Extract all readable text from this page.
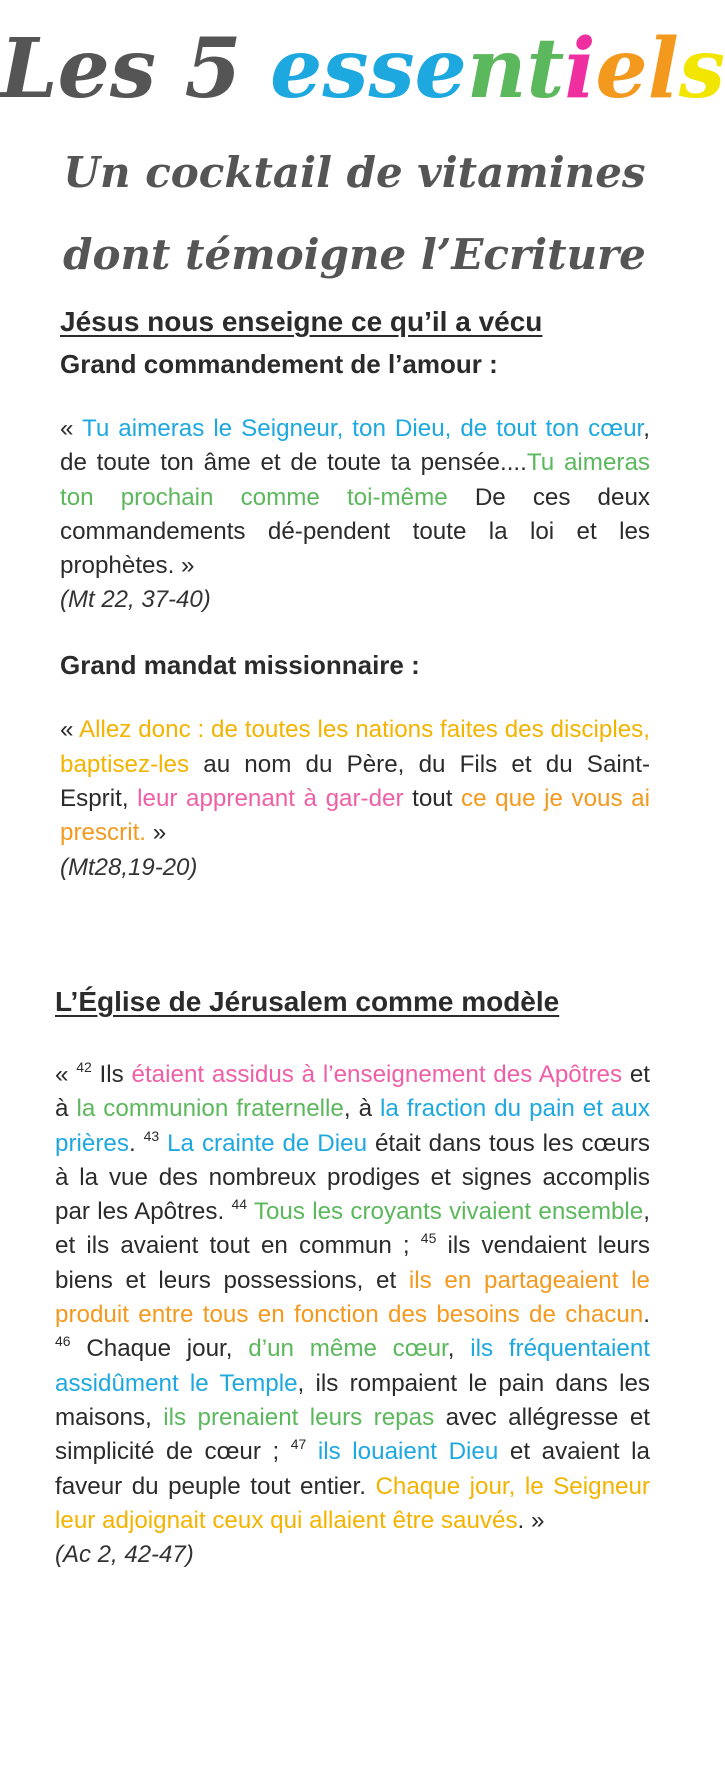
Les 5 essentiels
Un cocktail de vitamines
dont témoigne l’Ecriture
Jésus nous enseigne ce qu’il a vécu
Grand commandement de l’amour :
« Tu aimeras le Seigneur, ton Dieu, de tout ton cœur, de toute ton âme et de toute ta pensée....Tu aimeras ton prochain comme toi-même De ces deux commandements dé-​pendent toute la loi et les prophètes. »
(Mt 22, 37-40)
Grand mandat missionnaire :
« Allez donc : de toutes les nations faites des disciples, baptisez-les au nom du Père, du Fils et du Saint-Esprit, leur apprenant à gar-​der tout ce que je vous ai prescrit. »
(Mt28,19-20)
L’Église de Jérusalem comme modèle
« $^{42}$ Ils étaient assidus à l’enseignement des Apôtres et à la communion fraternelle, à la fraction du pain et aux prières. $^{43}$ La crainte de Dieu était dans tous les cœurs à la vue des nombreux prodiges et signes accomplis par les Apôtres. $^{44}$ Tous les croyants vivaient ensemble, et ils avaient tout en commun ; $^{45}$ ils vendaient leurs biens et leurs possessions, et ils en partageaient le produit entre tous en fonction des besoins de chacun. $^{46}$ Chaque jour, d’un même cœur, ils fréquentaient assidûment le Temple, ils rompaient le pain dans les maisons, ils prenaient leurs repas avec allégresse et simplicité de cœur ; $^{47}$ ils louaient Dieu et avaient la faveur du peuple tout entier. Chaque jour, le Seigneur leur adjoignait ceux qui allaient être sauvés. »
(Ac 2, 42-47)
